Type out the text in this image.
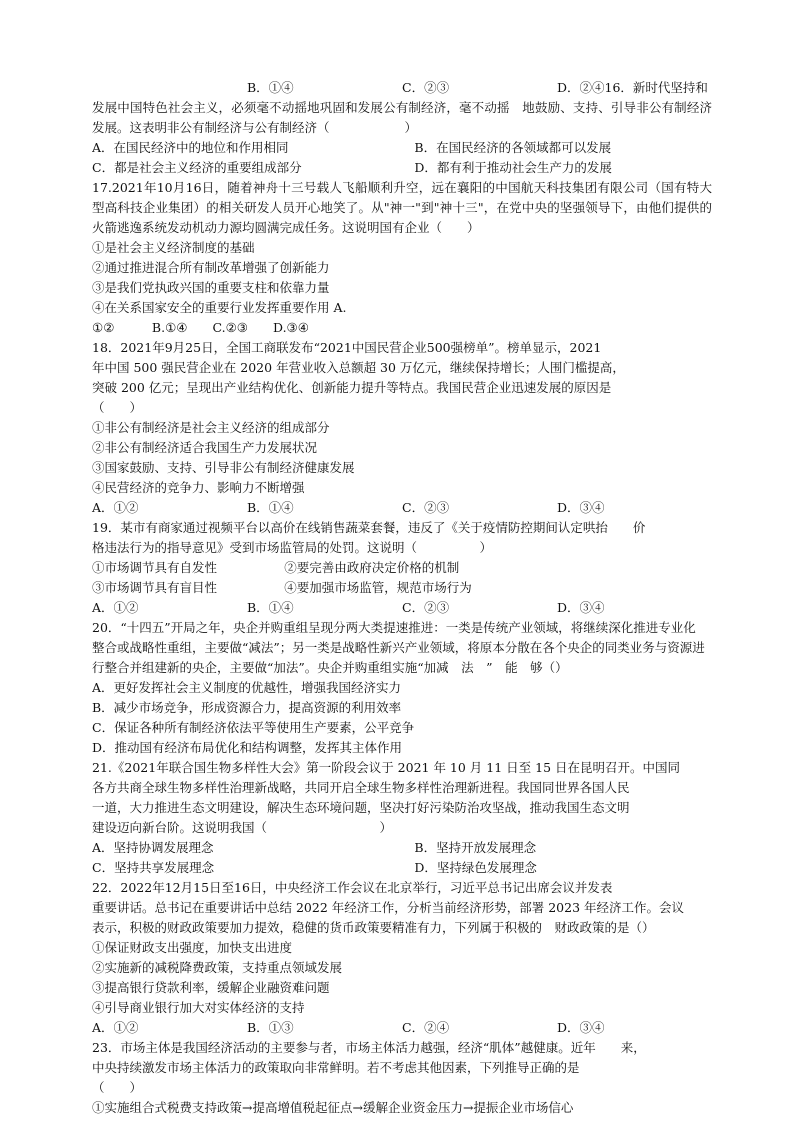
B．①④	C．②③	D．②④16．新时代坚持和
发展中国特色社会主义，必须毫不动摇地巩固和发展公有制经济，毫不动摇　地鼓励、支持、引导非公有制经济发展。这表明非公有制经济与公有制经济（　　　　　　）
A．在国民经济中的地位和作用相同	B．在国民经济的各领域都可以发展
C．都是社会主义经济的重要组成部分	D．都有利于推动社会生产力的发展
17.2021年10月16日，随着神舟十三号载人飞船顺利升空，远在襄阳的中国航天科技集团有限公司（国有特大型高科技企业集团）的相关研发人员开心地笑了。从"神一"到"神十三"，在党中央的坚强领导下，由他们提供的火箭逃逸系统发动机动力源均圆满完成任务。这说明国有企业（　　）
①是社会主义经济制度的基础
②通过推进混合所有制改革增强了创新能力
③是我们党执政兴国的重要支柱和依靠力量
④在关系国家安全的重要行业发挥重要作用 A.
①②　　　B.①④　　C.②③　　D.③④
18．2021年9月25日，全国工商联发布“2021中国民营企业500强榜单”。榜单显示，2021
年中国 500 强民营企业在 2020 年营业收入总额超 30 万亿元，继续保持增长；人围门槛提高，
突破 200 亿元；呈现出产业结构优化、创新能力提升等特点。我国民营企业迅速发展的原因是
（　　）
①非公有制经济是社会主义经济的组成部分
②非公有制经济适合我国生产力发展状况
③国家鼓励、支持、引导非公有制经济健康发展
④民营经济的竞争力、影响力不断增强
A．①②	B．①④	C．②③	D．③④
19．某市有商家通过视频平台以高价在线销售蔬菜套餐，违反了《关于疫情防控期间认定哄抬　　价
格违法行为的指导意见》受到市场监管局的处罚。这说明（　　　　　）
①市场调节具有自发性	②要完善由政府决定价格的机制
③市场调节具有盲目性	④要加强市场监管，规范市场行为
A．①②	B．①④	C．②③	D．③④
20．“十四五”开局之年，央企并购重组呈现分两大类提速推进：一类是传统产业领域，将继续深化推进专业化
整合或战略性重组，主要做“减法”；另一类是战略性新兴产业领域，将原本分散在各个央企的同类业务与资源进
行整合并组建新的央企，主要做“加法”。央企并购重组实施“加减　法　”　能　够（）
A．更好发挥社会主义制度的优越性，增强我国经济实力
B．减少市场竞争，形成资源合力，提高资源的利用效率
C．保证各种所有制经济依法平等使用生产要素，公平竞争
D．推动国有经济布局优化和结构调整，发挥其主体作用
21.《2021年联合国生物多样性大会》第一阶段会议于 2021 年 10 月 11 日至 15 日在昆明召开。中国同
各方共商全球生物多样性治理新战略，共同开启全球生物多样性治理新进程。我国同世界各国人民
一道，大力推进生态文明建设，解决生态环境问题，坚决打好污染防治攻坚战，推动我国生态文明
建设迈向新台阶。这说明我国（　　　　　　　　　）
A．坚持协调发展理念	B．坚持开放发展理念
C．坚持共享发展理念	D．坚持绿色发展理念
22．2022年12月15日至16日，中央经济工作会议在北京举行，习近平总书记出席会议并发表
重要讲话。总书记在重要讲话中总结 2022 年经济工作，分析当前经济形势，部署 2023 年经济工作。会议
表示，积极的财政政策要加力提效，稳健的货币政策要精准有力，下列属于积极的　财政政策的是（）
①保证财政支出强度，加快支出进度
②实施新的减税降费政策，支持重点领域发展
③提高银行贷款利率，缓解企业融资难问题
④引导商业银行加大对实体经济的支持
A．①②	B．①③	C．②④	D．③④
23．市场主体是我国经济活动的主要参与者，市场主体活力越强，经济“肌体”越健康。近年　　来，
中央持续激发市场主体活力的政策取向非常鲜明。若不考虑其他因素，下列推导正确的是
（　　）
①实施组合式税费支持政策→提高增值税起征点→缓解企业资金压力→提振企业市场信心
